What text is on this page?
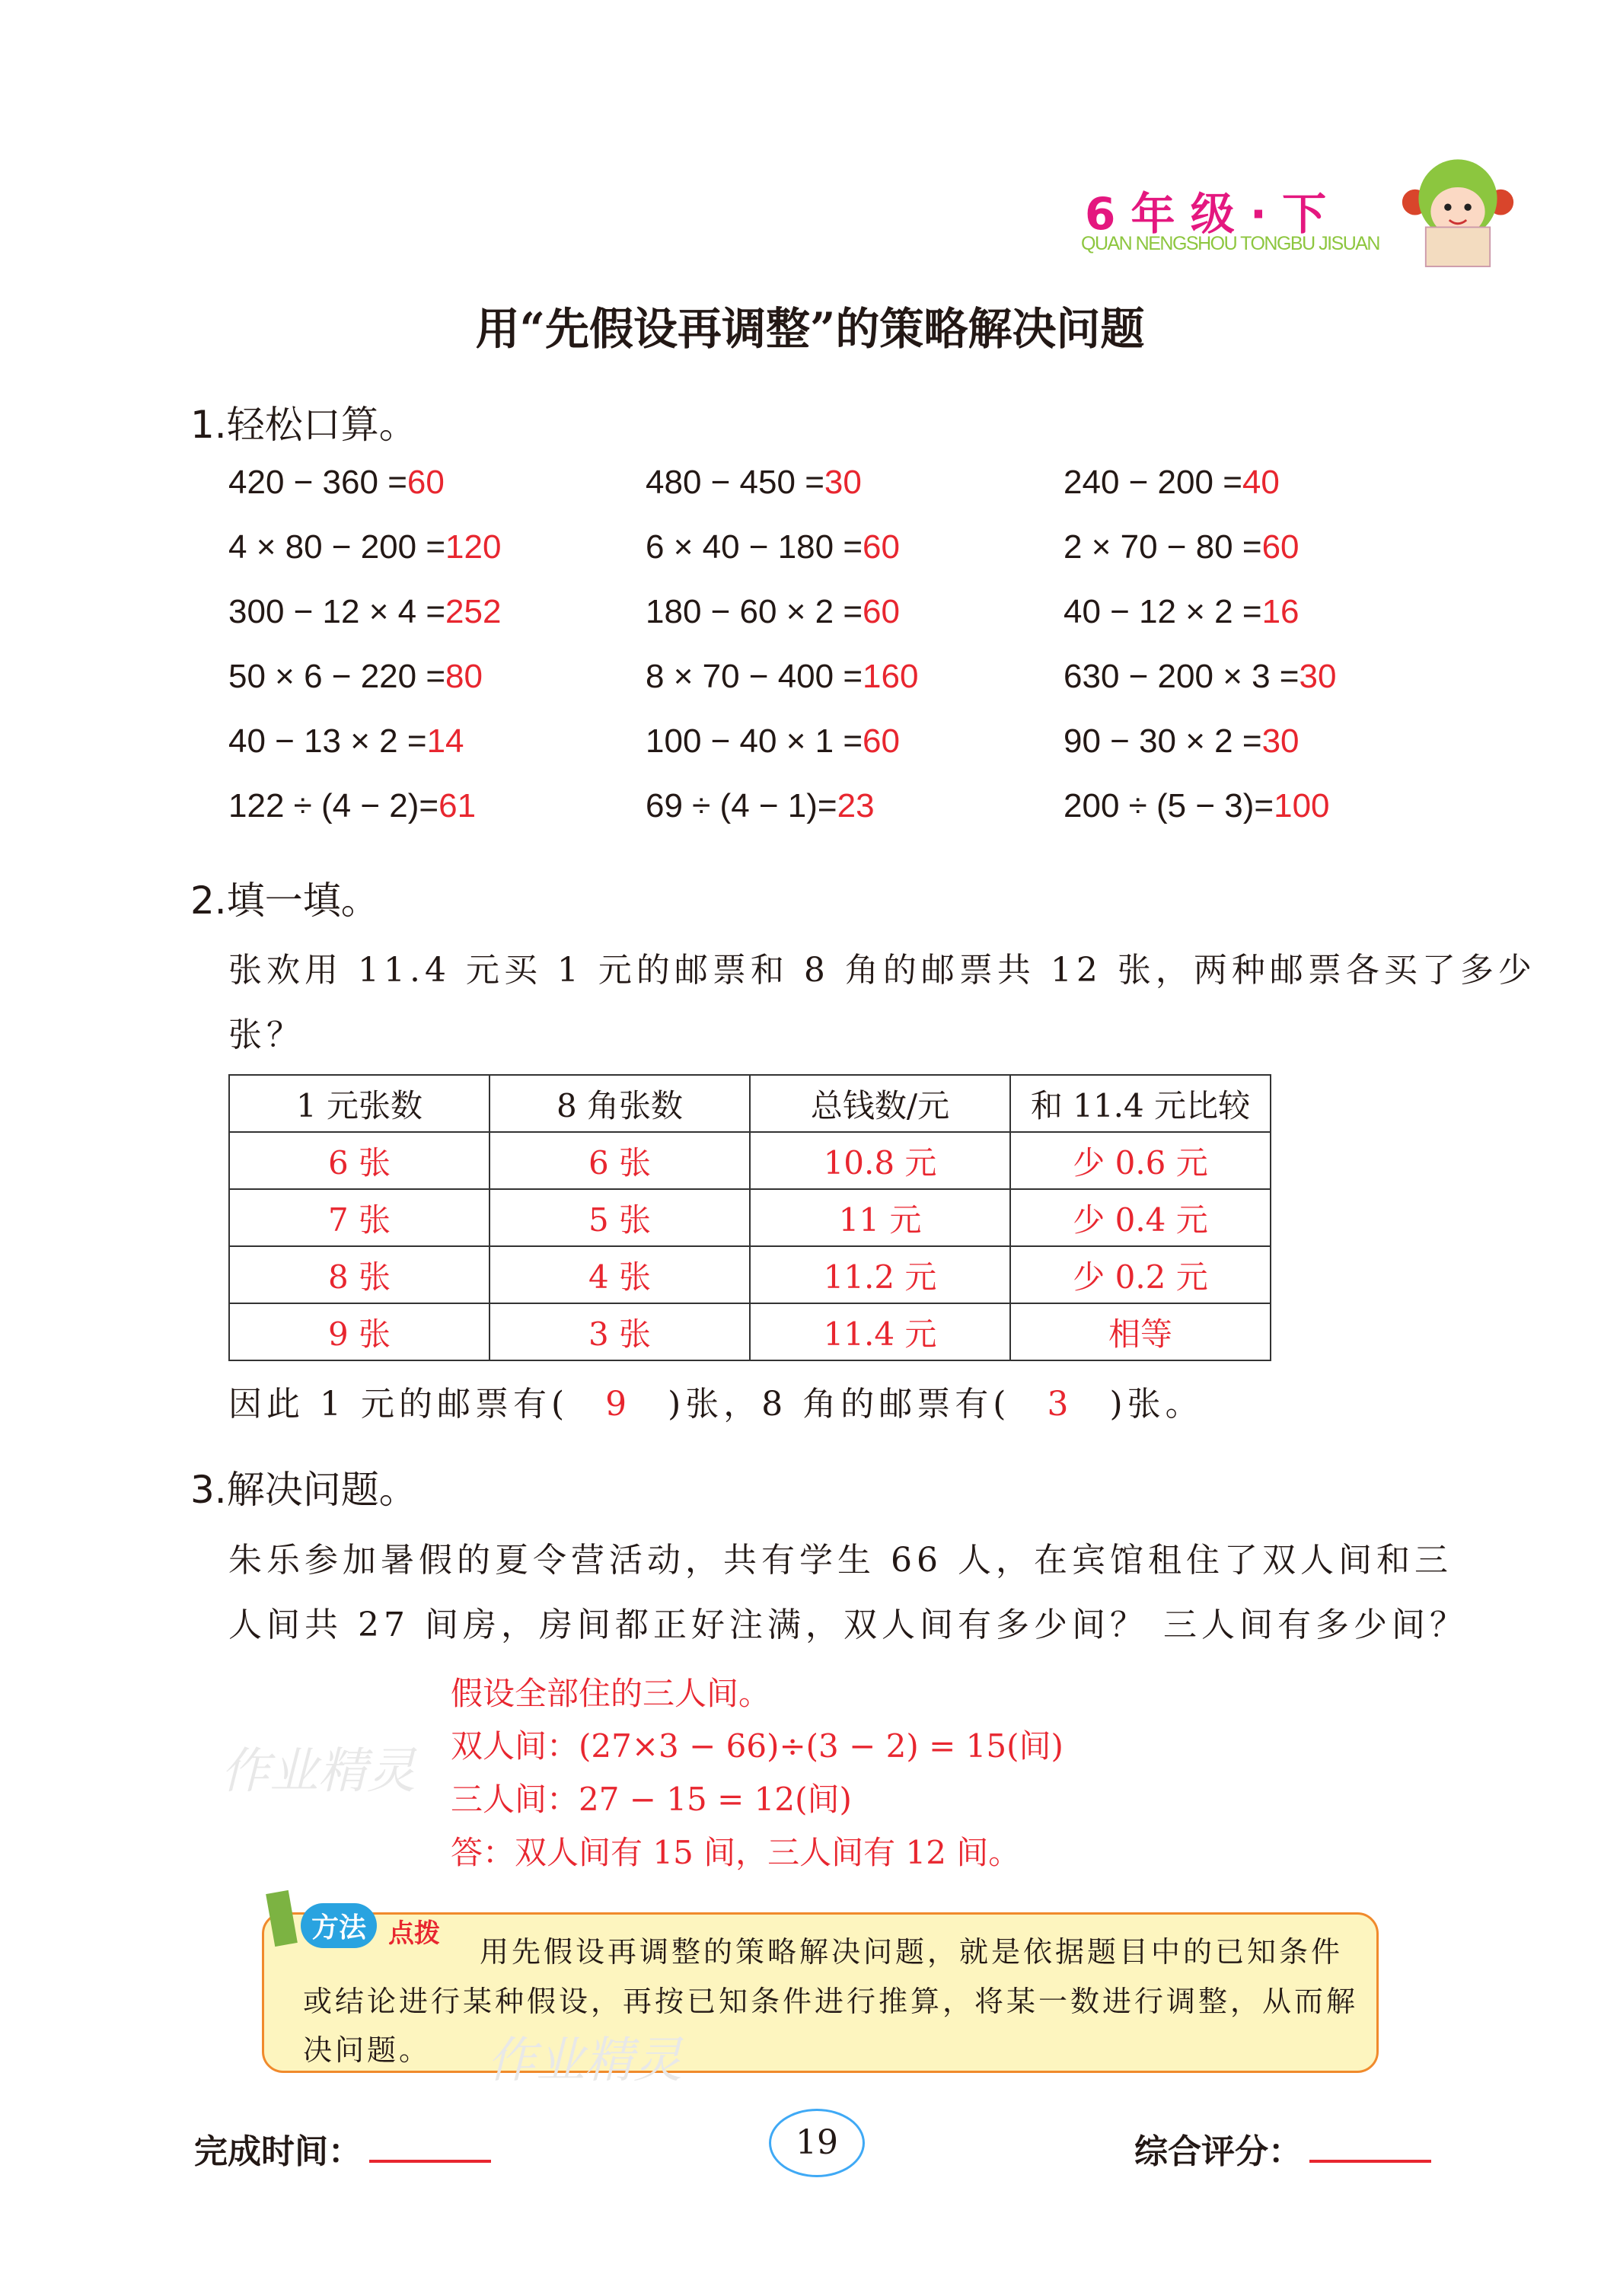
6 年 级 · 下
QUAN NENGSHOU TONGBU JISUAN
用“先假设再调整”的策略解决问题
1.轻松口算。
420 − 360 =60	480 − 450 =30	240 − 200 =40
4 × 80 − 200 =120	6 × 40 − 180 =60	2 × 70 − 80 =60
300 − 12 × 4 =252	180 − 60 × 2 =60	40 − 12 × 2 =16
50 × 6 − 220 =80	8 × 70 − 400 =160	630 − 200 × 3 =30
40 − 13 × 2 =14	100 − 40 × 1 =60	90 − 30 × 2 =30
122 ÷ (4 − 2)=61	69 ÷ (4 − 1)=23	200 ÷ (5 − 3)=100
2.填一填。
张欢用 11.4 元买 1 元的邮票和 8 角的邮票共 12 张，两种邮票各买了多少
张？
1 元张数	8 角张数	总钱数/元	和 11.4 元比较
6 张	6 张	10.8 元	少 0.6 元
7 张	5 张	11 元	少 0.4 元
8 张	4 张	11.2 元	少 0.2 元
9 张	3 张	11.4 元	相等
因此 1 元的邮票有( 9 )张，8 角的邮票有( 3 )张。
3.解决问题。
朱乐参加暑假的夏令营活动，共有学生 66 人，在宾馆租住了双人间和三
人间共 27 间房，房间都正好注满，双人间有多少间？ 三人间有多少间？
假设全部住的三人间。
双人间：(27×3 − 66)÷(3 − 2) = 15(间)
三人间：27 − 15 = 12(间)
答：双人间有 15 间，三人间有 12 间。
作业精灵
方法 点拨
用先假设再调整的策略解决问题，就是依据题目中的已知条件
或结论进行某种假设，再按已知条件进行推算，将某一数进行调整，从而解
决问题。 作业精灵
完成时间：	19	综合评分：
